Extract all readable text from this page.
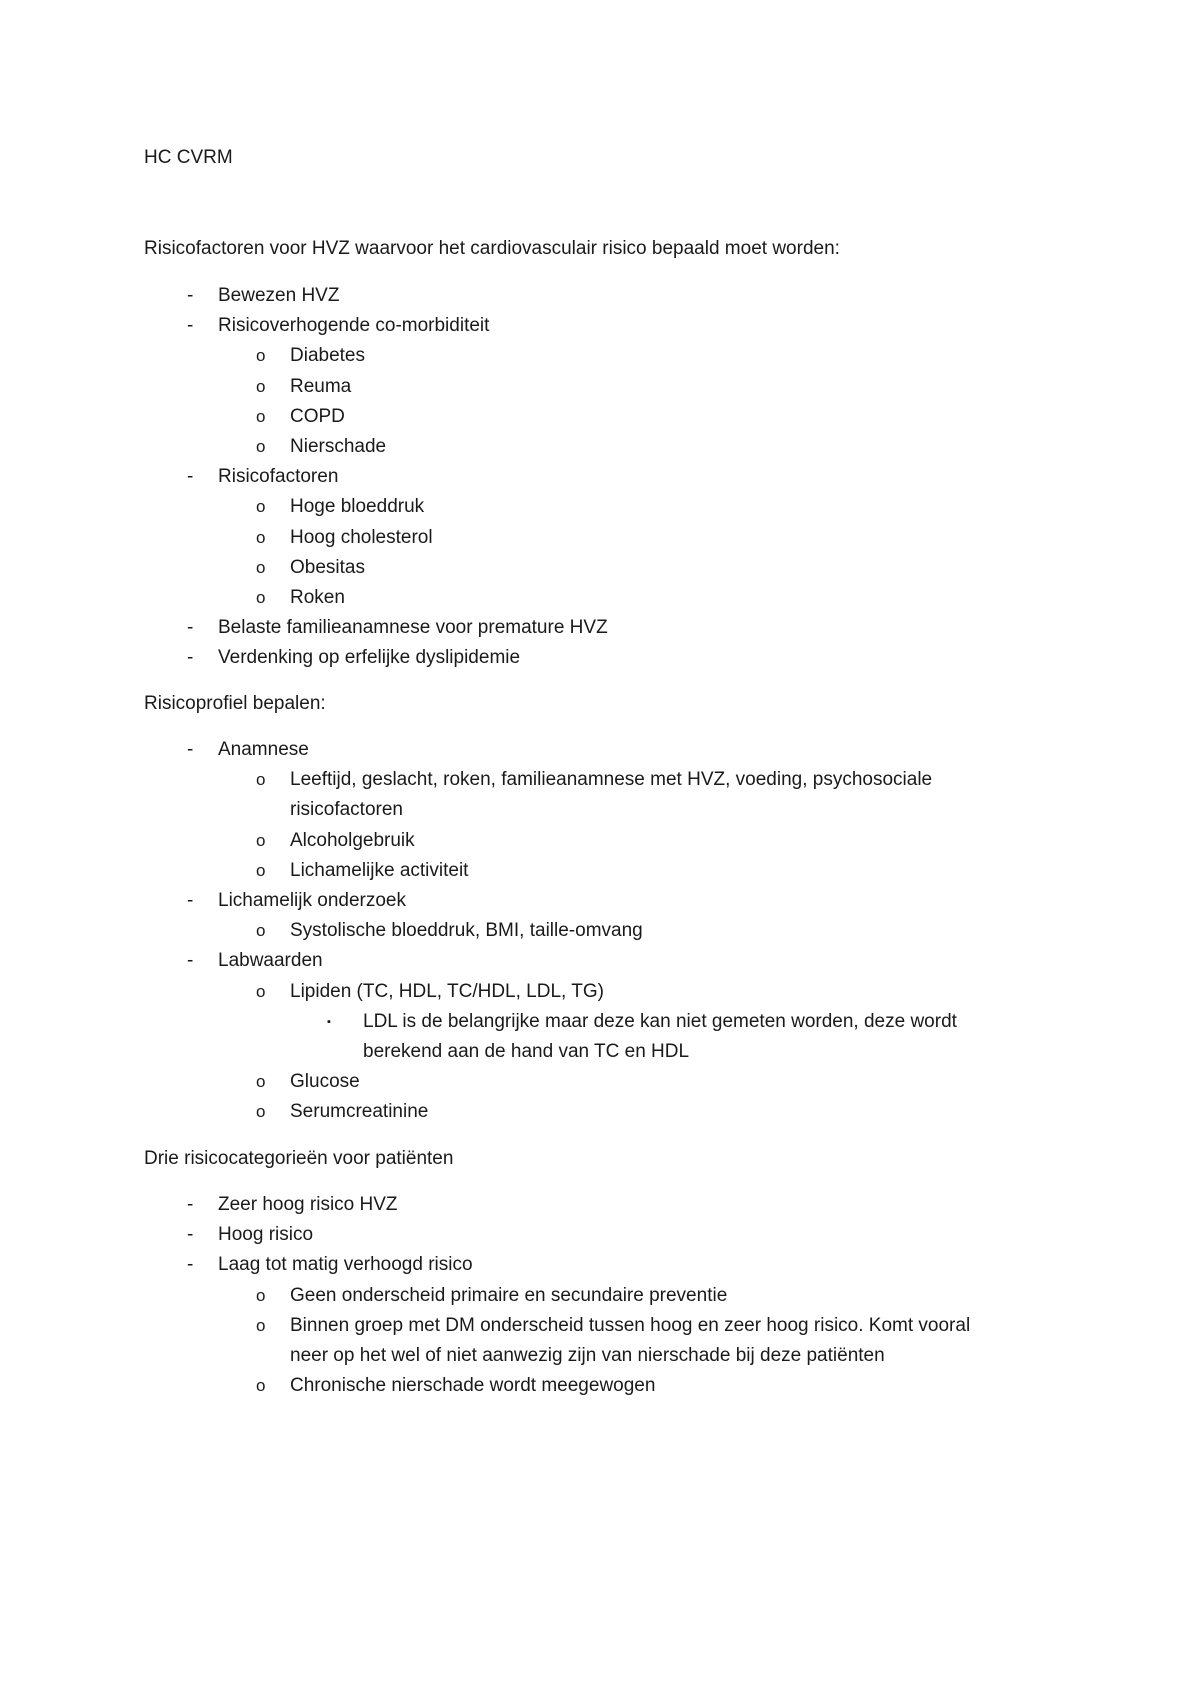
HC CVRM

Risicofactoren voor HVZ waarvoor het cardiovasculair risico bepaald moet worden:

- Bewezen HVZ
- Risicoverhogende co-morbiditeit
o Diabetes
o Reuma
o COPD
o Nierschade
- Risicofactoren
o Hoge bloeddruk
o Hoog cholesterol
o Obesitas
o Roken
- Belaste familieanamnese voor premature HVZ
- Verdenking op erfelijke dyslipidemie

Risicoprofiel bepalen:

- Anamnese
o Leeftijd, geslacht, roken, familieanamnese met HVZ, voeding, psychosociale risicofactoren
o Alcoholgebruik
o Lichamelijke activiteit
- Lichamelijk onderzoek
o Systolische bloeddruk, BMI, taille-omvang
- Labwaarden
o Lipiden (TC, HDL, TC/HDL, LDL, TG)
▪ LDL is de belangrijke maar deze kan niet gemeten worden, deze wordt berekend aan de hand van TC en HDL
o Glucose
o Serumcreatinine

Drie risicocategorieën voor patiënten

- Zeer hoog risico HVZ
- Hoog risico
- Laag tot matig verhoogd risico
o Geen onderscheid primaire en secundaire preventie
o Binnen groep met DM onderscheid tussen hoog en zeer hoog risico. Komt vooral neer op het wel of niet aanwezig zijn van nierschade bij deze patiënten
o Chronische nierschade wordt meegewogen
